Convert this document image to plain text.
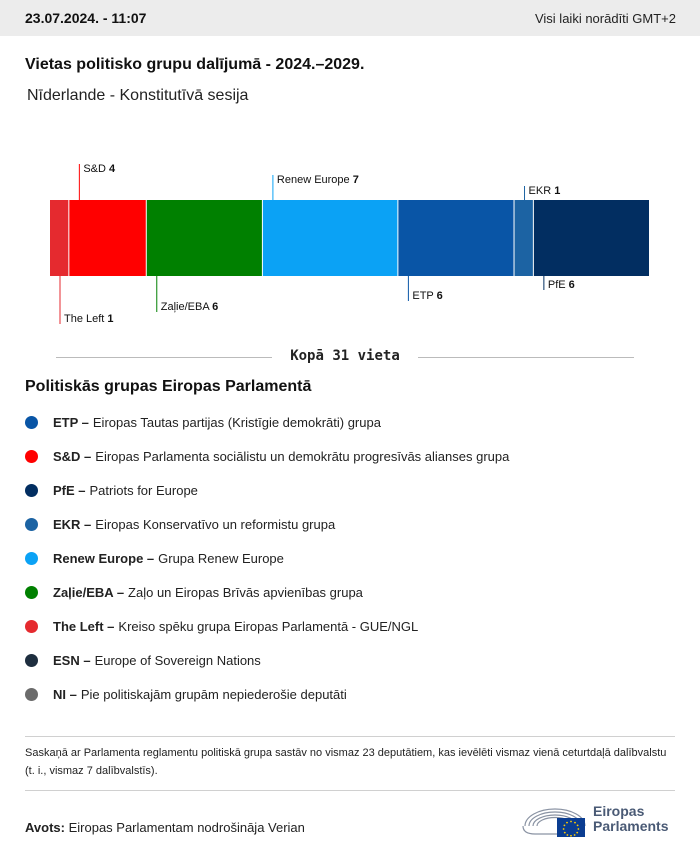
23.07.2024. - 11:07	Visi laiki norādīti GMT+2
Vietas politisko grupu dalījumā - 2024.–2029.
Nīderlande - Konstitutīvā sesija
The Left 1
S&D 4
Zaļie/EBA 6
Renew Europe 7
ETP 6
EKR 1
PfE 6
Kopā 31 vieta
Politiskās grupas Eiropas Parlamentā
ETP – Eiropas Tautas partijas (Kristīgie demokrāti) grupa
S&D – Eiropas Parlamenta sociālistu un demokrātu progresīvās alianses grupa
PfE – Patriots for Europe
EKR – Eiropas Konservatīvo un reformistu grupa
Renew Europe – Grupa Renew Europe
Zaļie/EBA – Zaļo un Eiropas Brīvās apvienības grupa
The Left – Kreiso spēku grupa Eiropas Parlamentā - GUE/NGL
ESN – Europe of Sovereign Nations
NI – Pie politiskajām grupām nepiederošie deputāti
Saskaņā ar Parlamenta reglamentu politiskā grupa sastāv no vismaz 23 deputātiem, kas ievēlēti vismaz vienā ceturtdaļā dalībvalstu (t. i., vismaz 7 dalībvalstīs).
Avots: Eiropas Parlamentam nodrošināja Verian
Eiropas
Parlaments
